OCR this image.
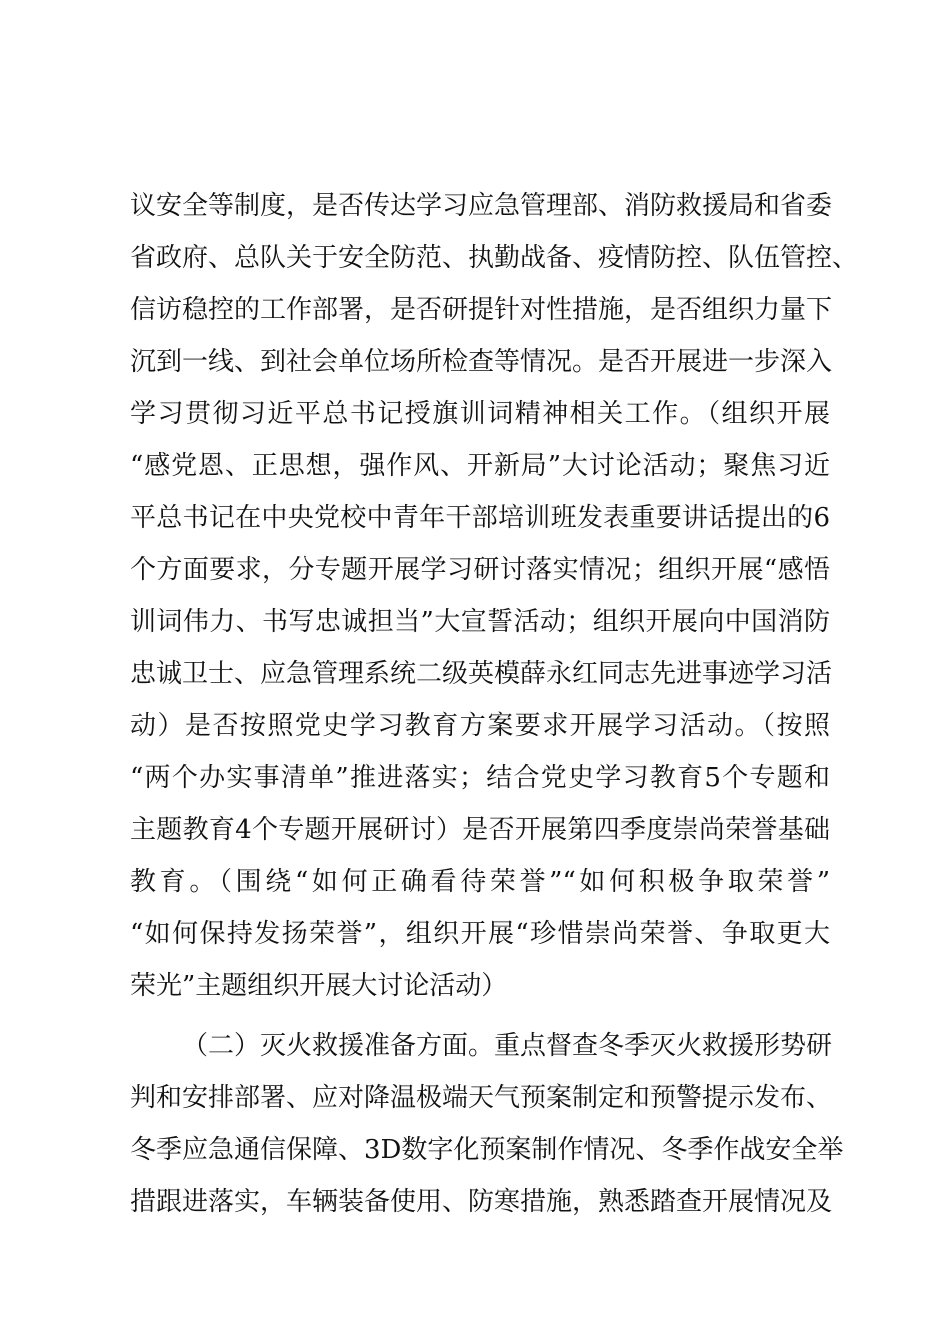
议安全等制度，是否传达学习应急管理部、消防救援局和省委
省政府、总队关于安全防范、执勤战备、疫情防控、队伍管控、
信访稳控的工作部署，是否研提针对性措施，是否组织力量下
沉到一线、到社会单位场所检查等情况。是否开展进一步深入
学习贯彻习近平总书记授旗训词精神相关工作。（组织开展
“感党恩、正思想，强作风、开新局”大讨论活动；聚焦习近
平总书记在中央党校中青年干部培训班发表重要讲话提出的6
个方面要求，分专题开展学习研讨落实情况；组织开展“感悟
训词伟力、书写忠诚担当”大宣誓活动；组织开展向中国消防
忠诚卫士、应急管理系统二级英模薛永红同志先进事迹学习活
动）是否按照党史学习教育方案要求开展学习活动。（按照
“两个办实事清单”推进落实；结合党史学习教育5个专题和
主题教育4个专题开展研讨）是否开展第四季度崇尚荣誉基础
教育。（围绕“如何正确看待荣誉”“如何积极争取荣誉”
“如何保持发扬荣誉”，组织开展“珍惜崇尚荣誉、争取更大
荣光”主题组织开展大讨论活动）
（二）灭火救援准备方面。重点督查冬季灭火救援形势研
判和安排部署、应对降温极端天气预案制定和预警提示发布、
冬季应急通信保障、3D数字化预案制作情况、冬季作战安全举
措跟进落实，车辆装备使用、防寒措施，熟悉踏查开展情况及
